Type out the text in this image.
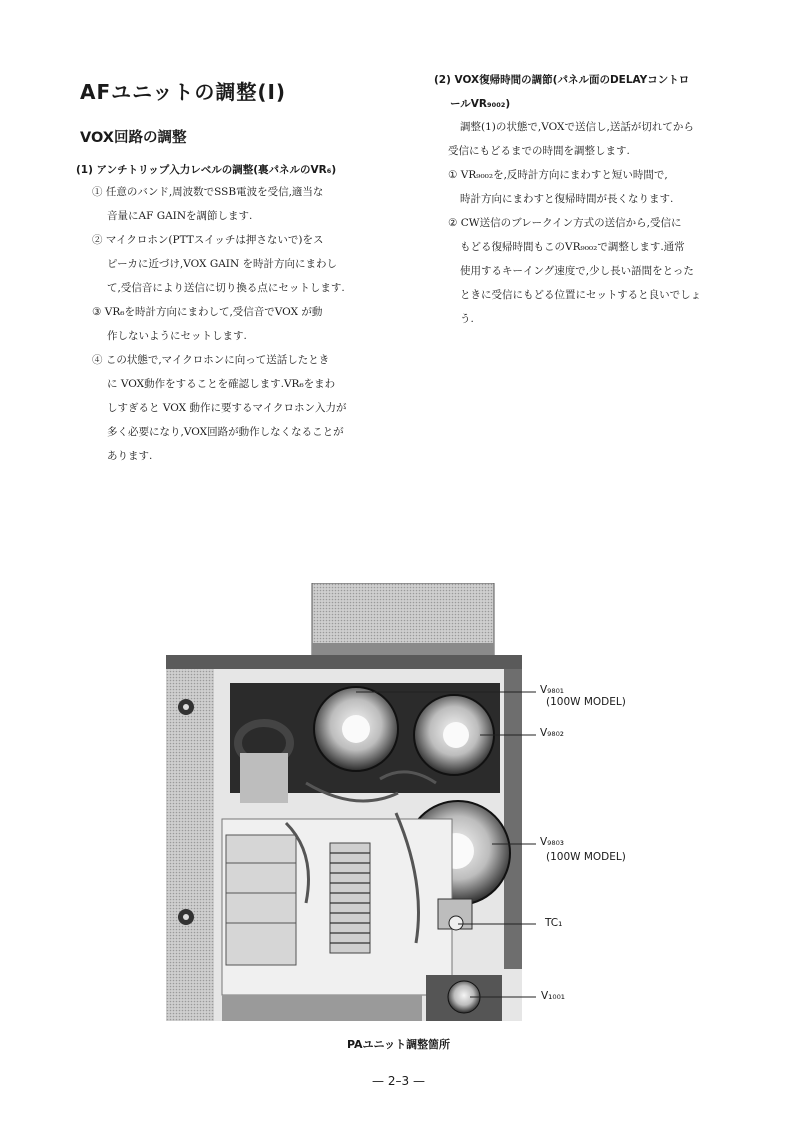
AFユニットの調整(Ⅰ)
VOX回路の調整
(1) アンチトリップ入力レベルの調整(裏パネルのVR₆)
① 任意のバンド,周波数でSSB電波を受信,適当な
音量にAF GAINを調節します.
② マイクロホン(PTTスイッチは押さないで)をス
ピーカに近づけ,VOX GAIN を時計方向にまわし
て,受信音により送信に切り換る点にセットします.
③ VR₆を時計方向にまわして,受信音でVOX が動
作しないようにセットします.
④ この状態で,マイクロホンに向って送話したとき
に VOX動作をすることを確認します.VR₆をまわ
しすぎると VOX 動作に要するマイクロホン入力が
多く必要になり,VOX回路が動作しなくなることが
あります.
(2) VOX復帰時間の調節(パネル面のDELAYコントロ
ールVR₉₀₀₂)
調整(1)の状態で,VOXで送信し,送話が切れてから
受信にもどるまでの時間を調整します.
① VR₉₀₀₂を,反時計方向にまわすと短い時間で,
時計方向にまわすと復帰時間が長くなります.
② CW送信のブレークイン方式の送信から,受信に
もどる復帰時間もこのVR₉₀₀₂で調整します.通常
使用するキーイング速度で,少し長い語間をとった
ときに受信にもどる位置にセットすると良いでしょ
う.
V₉₈₀₁
(100W MODEL)
V₉₈₀₂
V₉₈₀₃
(100W MODEL)
TC₁
V₁₀₀₁
PAユニット調整箇所
— 2–3 —
